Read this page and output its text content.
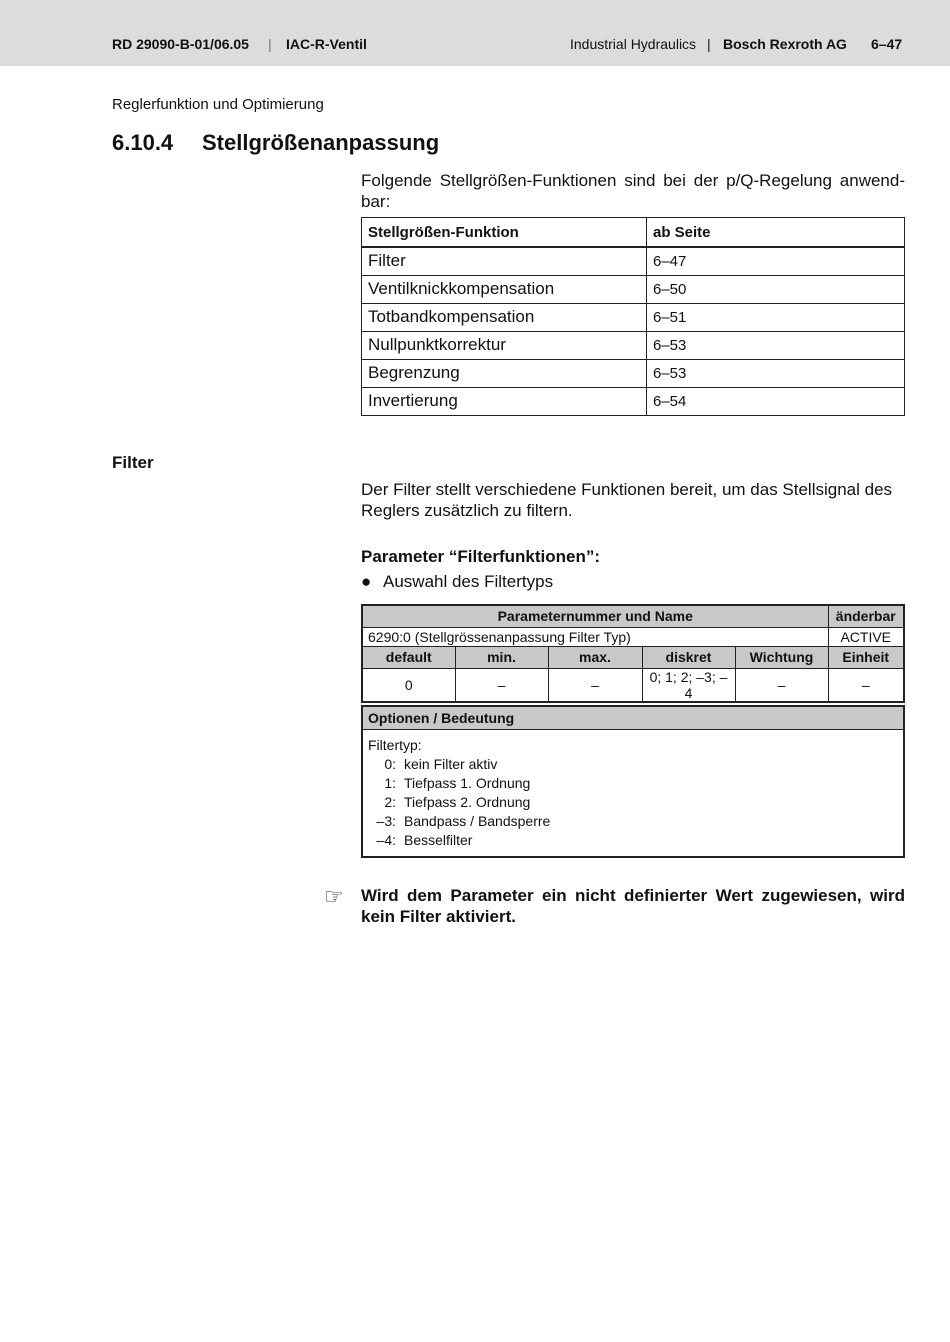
RD 29090-B-01/06.05 | IAC-R-Ventil	Industrial Hydraulics | Bosch Rexroth AG 6–47
Reglerfunktion und Optimierung
6.10.4 Stellgrößenanpassung
Folgende Stellgrößen-Funktionen sind bei der p/Q-Regelung anwend-bar:
Stellgrößen-Funktion	ab Seite
Filter	6–47
Ventilknickkompensation	6–50
Totbandkompensation	6–51
Nullpunktkorrektur	6–53
Begrenzung	6–53
Invertierung	6–54
Filter
Der Filter stellt verschiedene Funktionen bereit, um das Stellsignal des Reglers zusätzlich zu filtern.
Parameter “Filterfunktionen”:
● Auswahl des Filtertyps
Parameternummer und Name					änderbar
6290:0 (Stellgrössenanpassung Filter Typ)					ACTIVE
default	min.	max.	diskret	Wichtung	Einheit
0	–	–	0; 1; 2; –3; –4	–	–
Optionen / Bedeutung

Filtertyp:
0: kein Filter aktiv
1: Tiefpass 1. Ordnung
2: Tiefpass 2. Ordnung
–3: Bandpass / Bandsperre
–4: Besselfilter
☞ Wird dem Parameter ein nicht definierter Wert zugewiesen, wird kein Filter aktiviert.
